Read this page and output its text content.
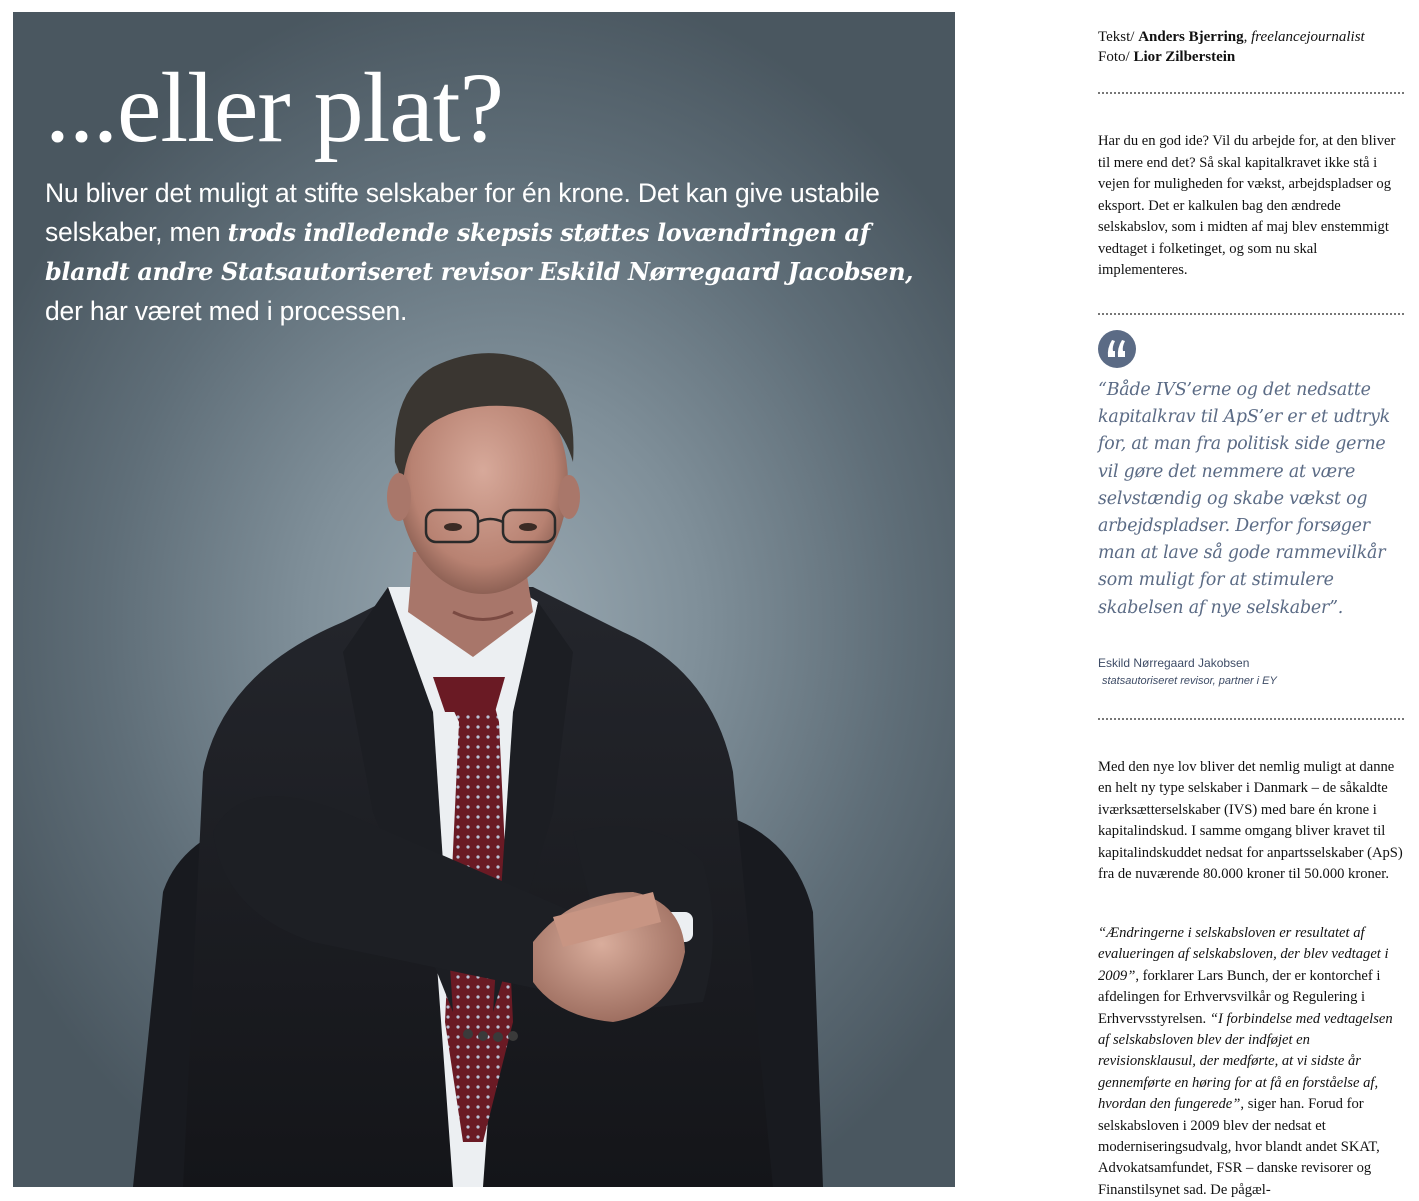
...eller plat?

Nu bliver det muligt at stifte selskaber for én krone. Det kan give ustabile selskaber, men trods indledende skepsis støttes lovændringen af blandt andre Statsautoriseret revisor Eskild Nørregaard Jacobsen, der har været med i processen.

Tekst/ Anders Bjerring, freelancejournalist
Foto/ Lior Zilberstein

Har du en god ide? Vil du arbejde for, at den bliver til mere end det? Så skal kapitalkravet ikke stå i vejen for muligheden for vækst, arbejdspladser og eksport. Det er kalkulen bag den ændrede selskabslov, som i midten af maj blev enstemmigt vedtaget i folketinget, og som nu skal implementeres.

“Både IVS’erne og det nedsatte kapitalkrav til ApS’er er et udtryk for, at man fra politisk side gerne vil gøre det nemmere at være selvstændig og skabe vækst og arbejdspladser. Derfor forsøger man at lave så gode rammevilkår som muligt for at stimulere skabelsen af nye selskaber”.

Eskild Nørregaard Jakobsen

statsautoriseret revisor, partner i EY

Med den nye lov bliver det nemlig muligt at danne en helt ny type selskaber i Danmark – de såkaldte iværksætterselskaber (IVS) med bare én krone i kapitalindskud. I samme omgang bliver kravet til kapitalindskuddet nedsat for anpartsselskaber (ApS) fra de nuværende 80.000 kroner til 50.000 kroner.

“Ændringerne i selskabsloven er resultatet af evalueringen af selskabsloven, der blev vedtaget i 2009”, forklarer Lars Bunch, der er kontorchef i afdelingen for Erhvervsvilkår og Regulering i Erhvervsstyrelsen. “I forbindelse med vedtagelsen af selskabsloven blev der indføjet en revisionsklausul, der medførte, at vi sidste år gennemførte en høring for at få en forståelse af, hvordan den fungerede”, siger han. Forud for selskabsloven i 2009 blev der nedsat et moderniseringsudvalg, hvor blandt andet SKAT, Advokatsamfundet, FSR – danske revisorer og Finanstilsynet sad. De pågæl-
